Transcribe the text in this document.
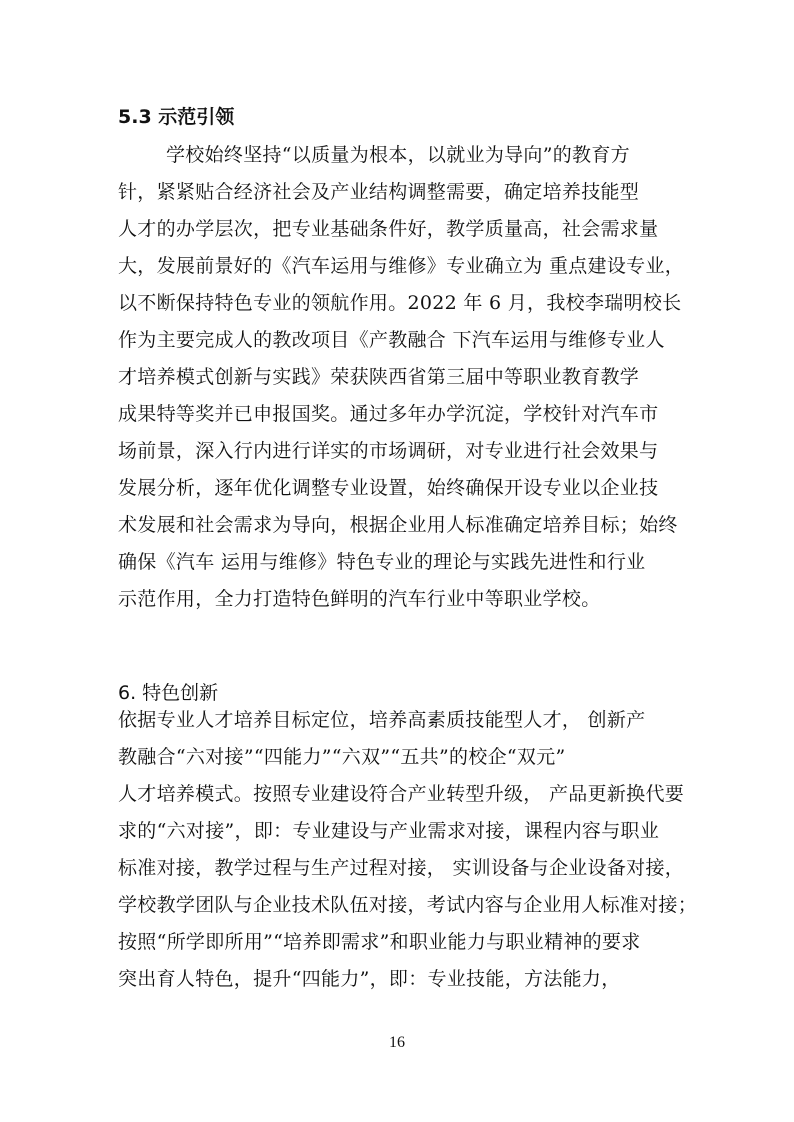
5.3 示范引领
学校始终坚持“以质量为根本，以就业为导向”的教育方
针，紧紧贴合经济社会及产业结构调整需要，确定培养技能型
人才的办学层次，把专业基础条件好，教学质量高，社会需求量
大，发展前景好的《汽车运用与维修》专业确立为 重点建设专业，
以不断保持特色专业的领航作用。2022 年 6 月，我校李瑞明校长
作为主要完成人的教改项目《产教融合 下汽车运用与维修专业人
才培养模式创新与实践》荣获陕西省第三届中等职业教育教学
成果特等奖并已申报国奖。通过多年办学沉淀，学校针对汽车市
场前景，深入行内进行详实的市场调研，对专业进行社会效果与
发展分析，逐年优化调整专业设置，始终确保开设专业以企业技
术发展和社会需求为导向，根据企业用人标准确定培养目标；始终
确保《汽车 运用与维修》特色专业的理论与实践先进性和行业
示范作用，全力打造特色鲜明的汽车行业中等职业学校。
6. 特色创新
依据专业人才培养目标定位，培养高素质技能型人才， 创新产
教融合“六对接”“四能力”“六双”“五共”的校企“双元”
人才培养模式。按照专业建设符合产业转型升级， 产品更新换代要
求的“六对接”，即：专业建设与产业需求对接，课程内容与职业
标准对接，教学过程与生产过程对接， 实训设备与企业设备对接，
学校教学团队与企业技术队伍对接，考试内容与企业用人标准对接；
按照“所学即所用”“培养即需求”和职业能力与职业精神的要求
突出育人特色，提升“四能力”，即：专业技能，方法能力，

16
